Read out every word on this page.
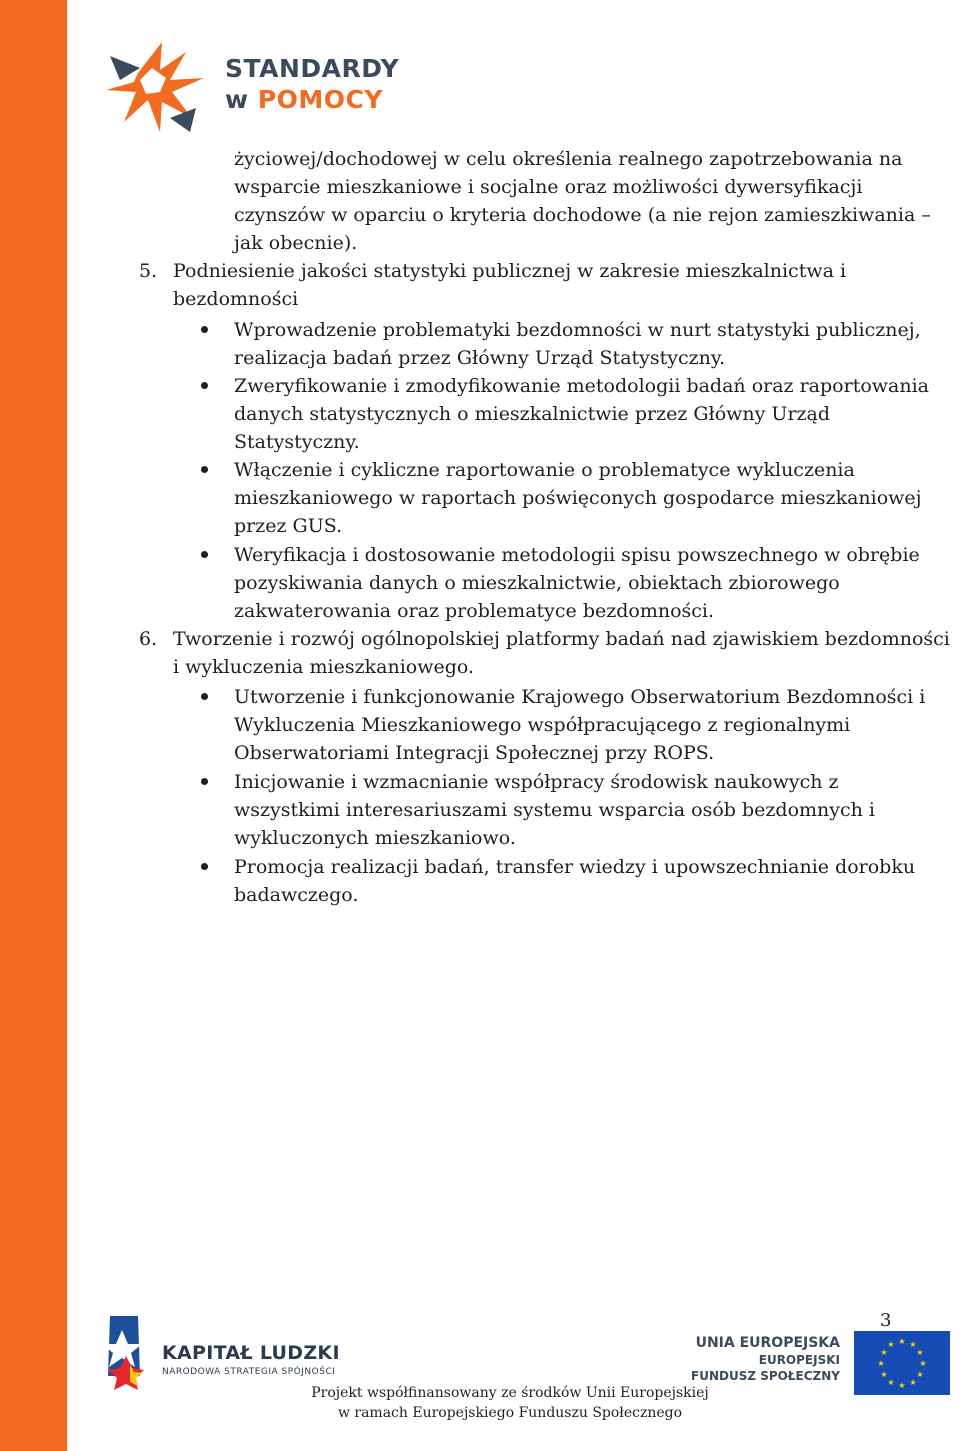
STANDARDY
w POMOCY
życiowej/dochodowej w celu określenia realnego zapotrzebowania na
wsparcie mieszkaniowe i socjalne oraz możliwości dywersyfikacji
czynszów w oparciu o kryteria dochodowe (a nie rejon zamieszkiwania –
jak obecnie).
5. Podniesienie jakości statystyki publicznej w zakresie mieszkalnictwa i
bezdomności
Wprowadzenie problematyki bezdomności w nurt statystyki publicznej,
realizacja badań przez Główny Urząd Statystyczny.
Zweryfikowanie i zmodyfikowanie metodologii badań oraz raportowania
danych statystycznych o mieszkalnictwie przez Główny Urząd
Statystyczny.
Włączenie i cykliczne raportowanie o problematyce wykluczenia
mieszkaniowego w raportach poświęconych gospodarce mieszkaniowej
przez GUS.
Weryfikacja i dostosowanie metodologii spisu powszechnego w obrębie
pozyskiwania danych o mieszkalnictwie, obiektach zbiorowego
zakwaterowania oraz problematyce bezdomności.
6. Tworzenie i rozwój ogólnopolskiej platformy badań nad zjawiskiem bezdomności
i wykluczenia mieszkaniowego.
Utworzenie i funkcjonowanie Krajowego Obserwatorium Bezdomności i
Wykluczenia Mieszkaniowego współpracującego z regionalnymi
Obserwatoriami Integracji Społecznej przy ROPS.
Inicjowanie i wzmacnianie współpracy środowisk naukowych z
wszystkimi interesariuszami systemu wsparcia osób bezdomnych i
wykluczonych mieszkaniowo.
Promocja realizacji badań, transfer wiedzy i upowszechnianie dorobku
badawczego.
3
KAPITAŁ LUDZKI
NARODOWA STRATEGIA SPÓJNOŚCI
UNIA EUROPEJSKA
EUROPEJSKI
FUNDUSZ SPOŁECZNY
★ ★
★
★
★
★
★
★
★
★
★
★
Projekt współfinansowany ze środków Unii Europejskiej
w ramach Europejskiego Funduszu Społecznego
